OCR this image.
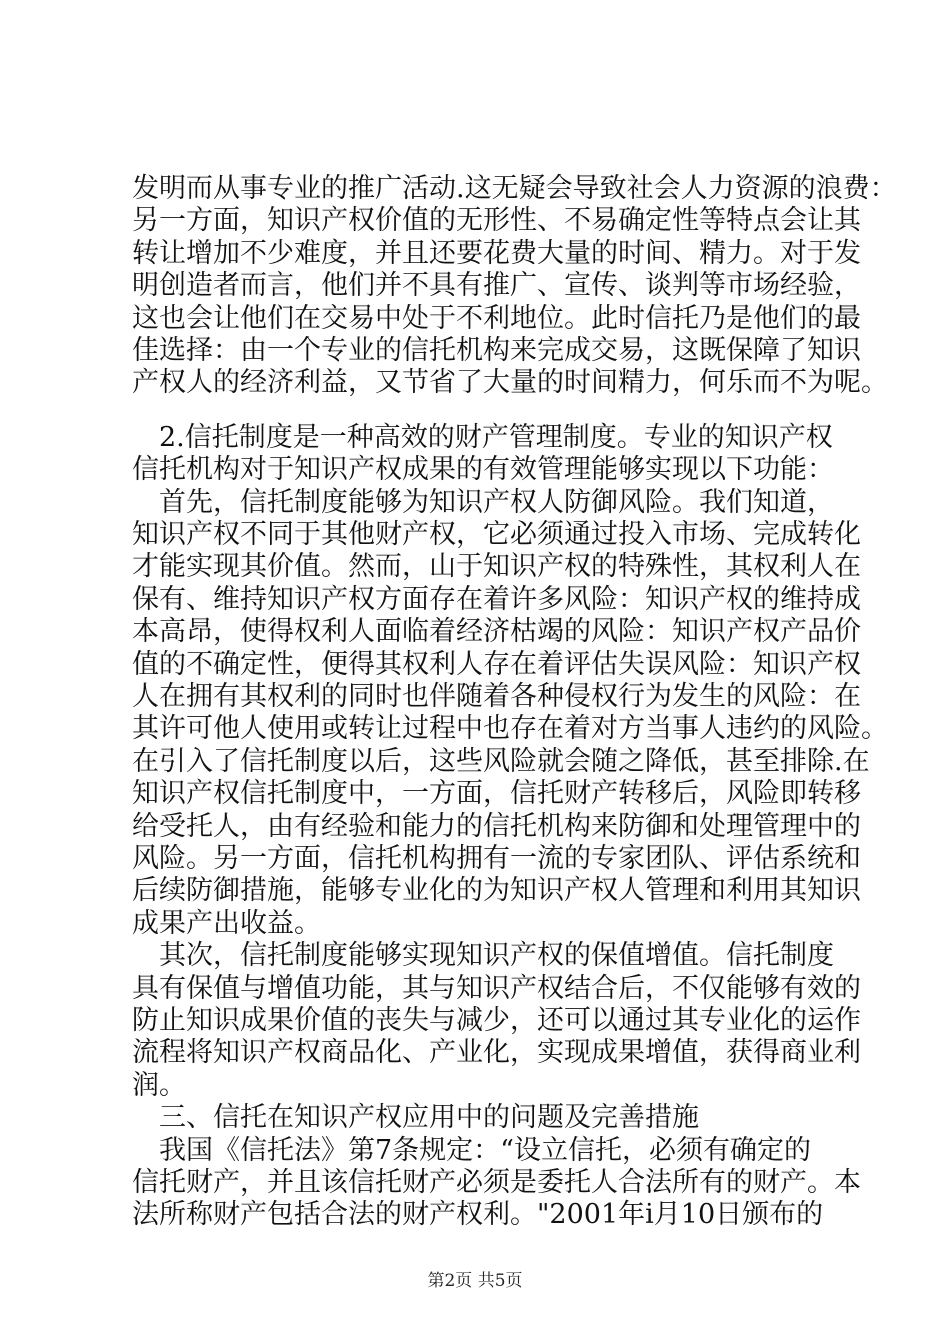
发明而从事专业的推广活动.这无疑会导致社会人力资源的浪费：
另一方面，知识产权价值的无形性、不易确定性等特点会让其
转让增加不少难度，并且还要花费大量的时间、精力。对于发
明创造者而言，他们并不具有推广、宣传、谈判等市场经验，
这也会让他们在交易中处于不利地位。此时信托乃是他们的最
佳选择：由一个专业的信托机构来完成交易，这既保障了知识
产权人的经济利益，又节省了大量的时间精力，何乐而不为呢。
　2.信托制度是一种高效的财产管理制度。专业的知识产权
信托机构对于知识产权成果的有效管理能够实现以下功能：
　首先，信托制度能够为知识产权人防御风险。我们知道，
知识产权不同于其他财产权，它必须通过投入市场、完成转化
才能实现其价值。然而，山于知识产权的特殊性，其权利人在
保有、维持知识产权方面存在着许多风险：知识产权的维持成
本高昂，使得权利人面临着经济枯竭的风险：知识产权产品价
值的不确定性，便得其权利人存在着评估失误风险：知识产权
人在拥有其权利的同时也伴随着各种侵权行为发生的风险：在
其许可他人使用或转让过程中也存在着对方当事人违约的风险。
在引入了信托制度以后，这些风险就会随之降低，甚至排除.在
知识产权信托制度中，一方面，信托财产转移后，风险即转移
给受托人，由有经验和能力的信托机构来防御和处理管理中的
风险。另一方面，信托机构拥有一流的专家团队、评估系统和
后续防御措施，能够专业化的为知识产权人管理和利用其知识
成果产出收益。
　其次，信托制度能够实现知识产权的保值增值。信托制度
具有保值与增值功能，其与知识产权结合后，不仅能够有效的
防止知识成果价值的丧失与减少，还可以通过其专业化的运作
流程将知识产权商品化、产业化，实现成果增值，获得商业利
润。
　三、信托在知识产权应用中的问题及完善措施
　我国《信托法》第7条规定：“设立信托，必须有确定的
信托财产，并且该信托财产必须是委托人合法所有的财产。本
第2页 共5页
法所称财产包括合法的财产权利。"2001年i月10日颁布的
